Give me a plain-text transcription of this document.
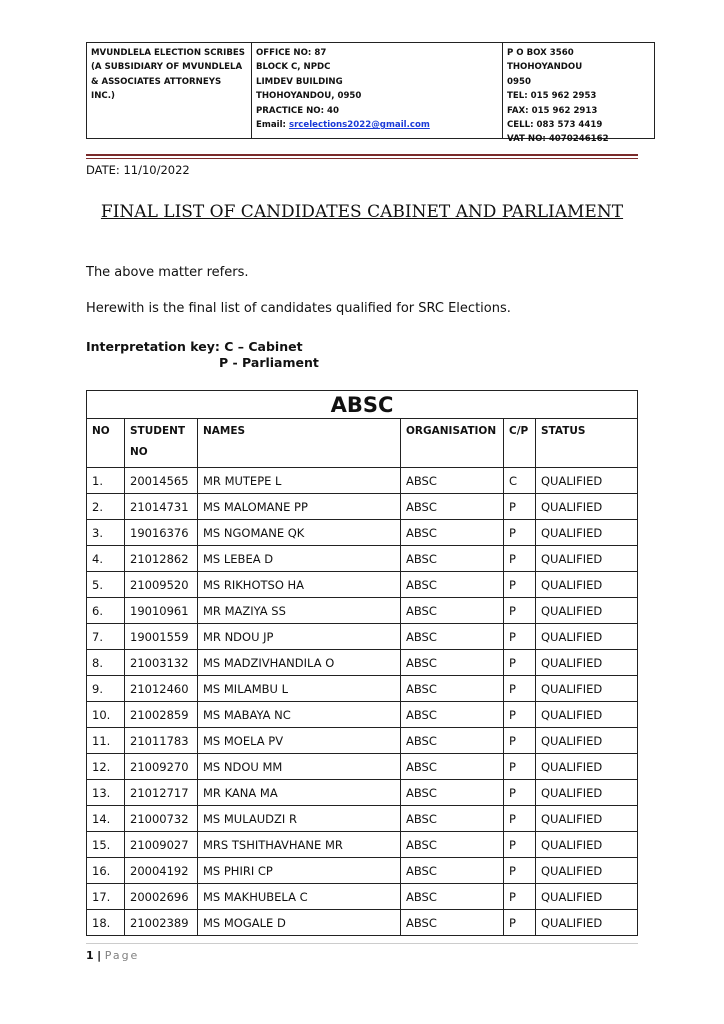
MVUNDLELA ELECTION SCRIBES
(A SUBSIDIARY OF MVUNDLELA
& ASSOCIATES ATTORNEYS
INC.)
OFFICE NO: 87
BLOCK C, NPDC
LIMDEV BUILDING
THOHOYANDOU, 0950
PRACTICE NO: 40
Email: srcelections2022@gmail.com
P O BOX 3560
THOHOYANDOU
0950
TEL: 015 962 2953
FAX: 015 962 2913
CELL: 083 573 4419
VAT NO: 4070246162
DATE: 11/10/2022
FINAL LIST OF CANDIDATES CABINET AND PARLIAMENT
The above matter refers.
Herewith is the final list of candidates qualified for SRC Elections.
Interpretation key: C – Cabinet
P - Parliament
ABSC					
NO	STUDENT NO	NAMES	ORGANISATION	C/P	STATUS
1.	20014565	MR MUTEPE L	ABSC	C	QUALIFIED
2.	21014731	MS MALOMANE PP	ABSC	P	QUALIFIED
3.	19016376	MS NGOMANE QK	ABSC	P	QUALIFIED
4.	21012862	MS LEBEA D	ABSC	P	QUALIFIED
5.	21009520	MS RIKHOTSO HA	ABSC	P	QUALIFIED
6.	19010961	MR MAZIYA SS	ABSC	P	QUALIFIED
7.	19001559	MR NDOU JP	ABSC	P	QUALIFIED
8.	21003132	MS MADZIVHANDILA O	ABSC	P	QUALIFIED
9.	21012460	MS MILAMBU L	ABSC	P	QUALIFIED
10.	21002859	MS MABAYA NC	ABSC	P	QUALIFIED
11.	21011783	MS MOELA PV	ABSC	P	QUALIFIED
12.	21009270	MS NDOU MM	ABSC	P	QUALIFIED
13.	21012717	MR KANA MA	ABSC	P	QUALIFIED
14.	21000732	MS MULAUDZI R	ABSC	P	QUALIFIED
15.	21009027	MRS TSHITHAVHANE MR	ABSC	P	QUALIFIED
16.	20004192	MS PHIRI CP	ABSC	P	QUALIFIED
17.	20002696	MS MAKHUBELA C	ABSC	P	QUALIFIED
18.	21002389	MS MOGALE D	ABSC	P	QUALIFIED
1 | Page
